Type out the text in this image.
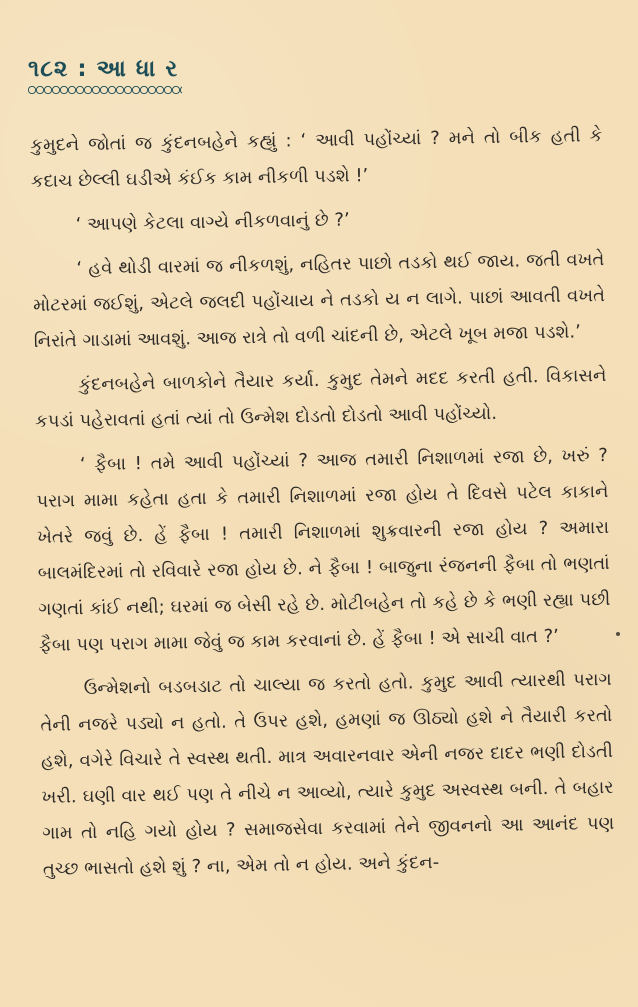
૧૮૨ : આ ધા ર

કુમુદને જોતાં જ કુંદનબહેને કહ્યું : ‘ આવી પહોંચ્યાં ? મને તો બીક હતી કે કદાચ છેલ્લી ઘડીએ કંઈક કામ નીકળી પડશે !’

‘ આપણે કેટલા વાગ્યે નીકળવાનું છે ?’

‘ હવે થોડી વારમાં જ નીકળશું, નહિતર પાછો તડકો થઈ જાય. જતી વખતે મોટરમાં જઈશું, એટલે જલદી પહોંચાય ને તડકો ય ન લાગે. પાછાં આવતી વખતે નિરાંતે ગાડામાં આવશું. આજ રાત્રે તો વળી ચાંદની છે, એટલે ખૂબ મજા પડશે.’

કુંદનબહેને બાળકોને તૈયાર કર્યા. કુમુદ તેમને મદદ કરતી હતી. વિકાસને કપડાં પહેરાવતાં હતાં ત્યાં તો ઉન્મેશ દોડતો દોડતો આવી પહોંચ્યો.

‘ ફૈબા ! તમે આવી પહોંચ્યાં ? આજ તમારી નિશાળમાં રજા છે, ખરું ? પરાગ મામા કહેતા હતા કે તમારી નિશાળમાં રજા હોય તે દિવસે પટેલ કાકાને ખેતરે જવું છે. હેં ફૈબા ! તમારી નિશાળમાં શુક્રવારની રજા હોય ? અમારા બાલમંદિરમાં તો રવિવારે રજા હોય છે. ને ફૈબા ! બાજુના રંજનની ફૈબા તો ભણતાં ગણતાં કાંઈ નથી; ઘરમાં જ બેસી રહે છે. મોટીબહેન તો કહે છે કે ભણી રહ્યા પછી ફૈબા પણ પરાગ મામા જેવું જ કામ કરવાનાં છે. હેં ફૈબા ! એ સાચી વાત ?’

ઉન્મેશનો બડબડાટ તો ચાલ્યા જ કરતો હતો. કુમુદ આવી ત્યારથી પરાગ તેની નજરે પડ્યો ન હતો. તે ઉપર હશે, હમણાં જ ઊઠ્યો હશે ને તૈયારી કરતો હશે, વગેરે વિચારે તે સ્વસ્થ થતી. માત્ર અવારનવાર એની નજર દાદર ભણી દોડતી ખરી. ઘણી વાર થઈ પણ તે નીચે ન આવ્યો, ત્યારે કુમુદ અસ્વસ્થ બની. તે બહાર ગામ તો નહિ ગયો હોય ? સમાજસેવા કરવામાં તેને જીવનનો આ આનંદ પણ તુચ્છ ભાસતો હશે શું ? ના, એમ તો ન હોય. અને કુંદન-
